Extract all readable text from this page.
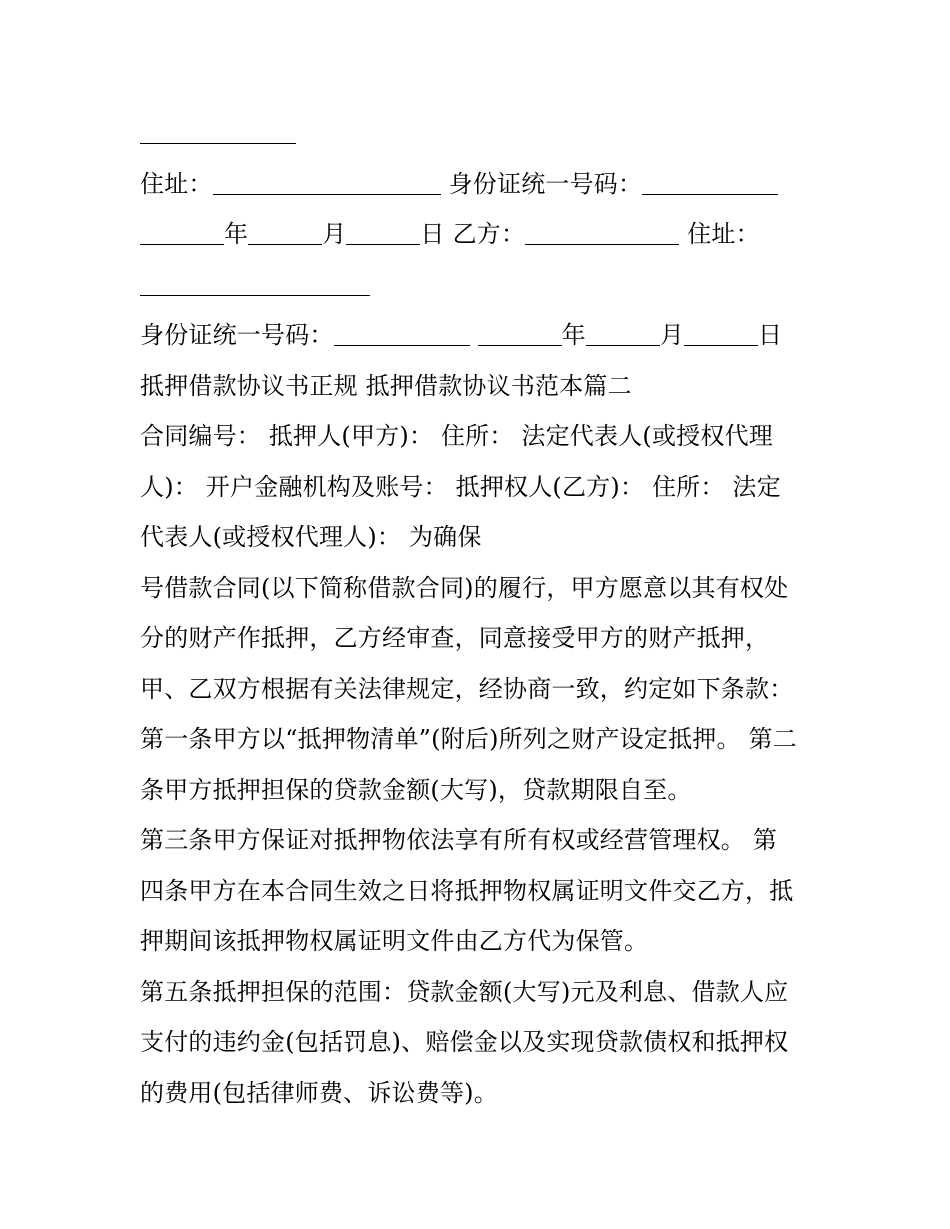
住址：	身份证统一号码：
年	月	日 乙方：	住址：
身份证统一号码：	年	月	日
抵押借款协议书正规 抵押借款协议书范本篇二
合同编号： 抵押人(甲方)： 住所： 法定代表人(或授权代理
人)： 开户金融机构及账号： 抵押权人(乙方)： 住所： 法定
代表人(或授权代理人)： 为确保
号借款合同(以下简称借款合同)的履行，甲方愿意以其有权处
分的财产作抵押，乙方经审查，同意接受甲方的财产抵押，
甲、乙双方根据有关法律规定，经协商一致，约定如下条款：
第一条甲方以“抵押物清单”(附后)所列之财产设定抵押。 第二
条甲方抵押担保的贷款金额(大写)，贷款期限自至。
第三条甲方保证对抵押物依法享有所有权或经营管理权。 第
四条甲方在本合同生效之日将抵押物权属证明文件交乙方，抵
押期间该抵押物权属证明文件由乙方代为保管。
第五条抵押担保的范围：贷款金额(大写)元及利息、借款人应
支付的违约金(包括罚息)、赔偿金以及实现贷款债权和抵押权
的费用(包括律师费、诉讼费等)。
